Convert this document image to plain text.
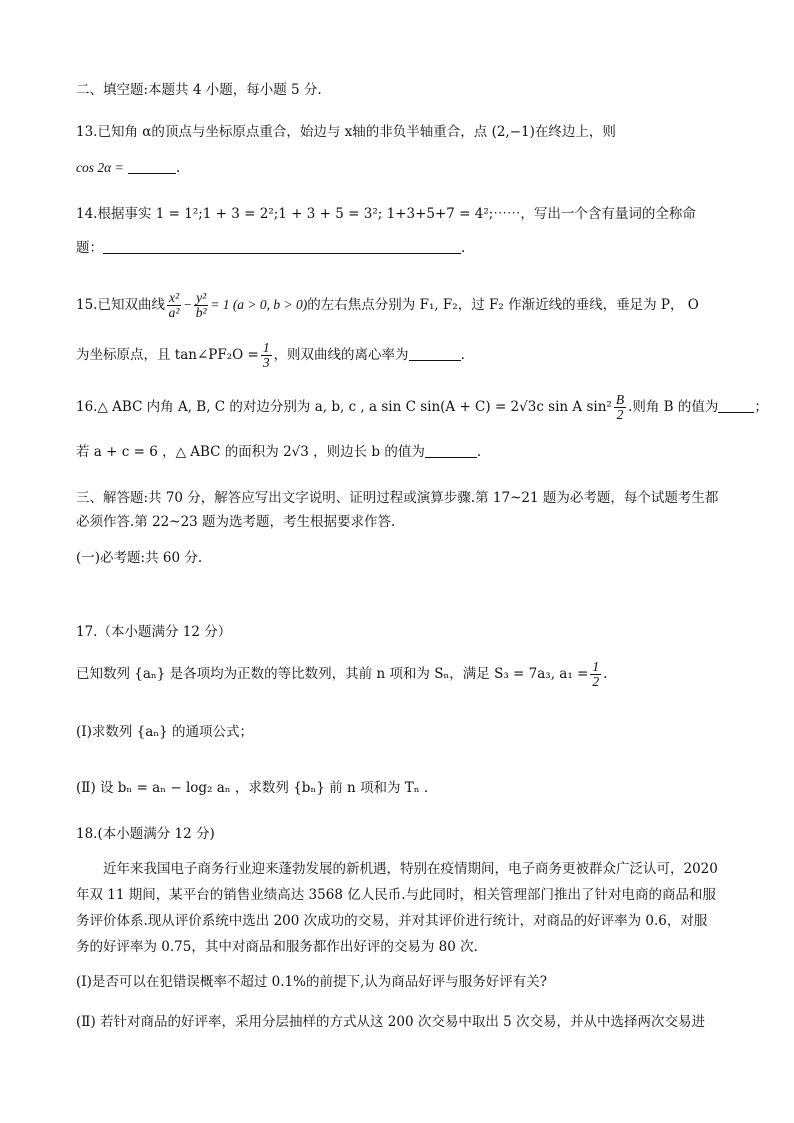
二、填空题:本题共 4 小题，每小题 5 分.
13.已知角 α的顶点与坐标原点重合，始边与 x轴的非负半轴重合，点 (2,−1)在终边上，则
cos 2α =	.
14.根据事实 1 = 1²;1 + 3 = 2²;1 + 3 + 5 = 3²; 1+3+5+7 = 4²;⋯⋯，写出一个含有量词的全称命
题：	.
15.已知双曲线 $\frac{\text{x²}}{\text{a²}} - \frac{\text{y²}}{\text{b²}} = 1$ (a > 0, b > 0)的左右焦点分别为 F₁, F₂，过 F₂ 作渐近线的垂线，垂足为 P， O
为坐标原点，且 tan∠PF₂O = $\frac{1}{3}$ ，则双曲线的离心率为	.
16.△ ABC 内角 A, B, C 的对边分别为 a, b, c , a sin C sin(A + C) = 2√3c sin A $\sin^2 \frac{B}{2}$ .则角 B 的值为	；
若 a + c = 6 ，△ ABC 的面积为 2√3 ，则边长 b 的值为	.
三、解答题:共 70 分，解答应写出文字说明、证明过程或演算步骤.第 17~21 题为必考题，每个试题考生都
必须作答.第 22~23 题为选考题，考生根据要求作答.
(一)必考题:共 60 分.
17.（本小题满分 12 分）
已知数列 {aₙ} 是各项均为正数的等比数列，其前 n 项和为 Sₙ，满足 S₃ = 7a₃, $a_1 = \frac{1}{2}$ .
(Ⅰ)求数列 {aₙ} 的通项公式；
(Ⅱ) 设 bₙ = aₙ − log₂ aₙ ，求数列 {bₙ} 前 n 项和为 Tₙ .
18.(本小题满分 12 分)
近年来我国电子商务行业迎来蓬勃发展的新机遇，特别在疫情期间，电子商务更被群众广泛认可，2020 年双 11 期间，某平台的销售业绩高达 3568 亿人民币.与此同时，相关管理部门推出了针对电商的商品和服务评价体系.现从评价系统中选出 200 次成功的交易，并对其评价进行统计，对商品的好评率为 0.6，对服务的好评率为 0.75，其中对商品和服务都作出好评的交易为 80 次.
(Ⅰ)是否可以在犯错误概率不超过 0.1%的前提下,认为商品好评与服务好评有关?
(Ⅱ) 若针对商品的好评率，采用分层抽样的方式从这 200 次交易中取出 5 次交易，并从中选择两次交易进
